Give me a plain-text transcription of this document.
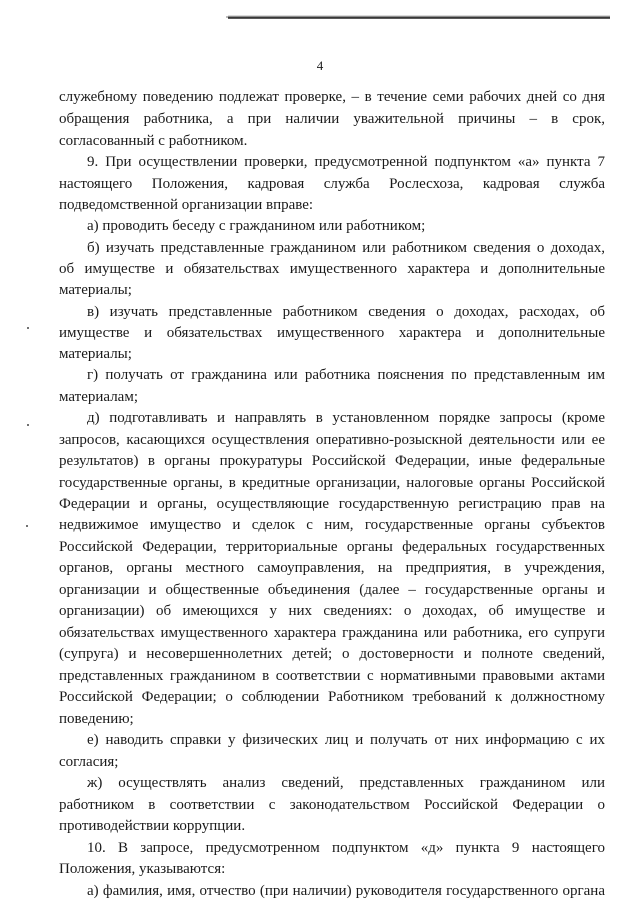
4
служебному поведению подлежат проверке, – в течение семи рабочих дней со дня
обращения работника, а при наличии уважительной причины – в срок,
согласованный с работником.
9. При осуществлении проверки, предусмотренной подпунктом «а» пункта 7
настоящего Положения, кадровая служба Рослесхоза, кадровая служба
подведомственной организации вправе:
а) проводить беседу с гражданином или работником;
б) изучать представленные гражданином или работником сведения о доходах,
об имуществе и обязательствах имущественного характера и дополнительные
материалы;
в) изучать представленные работником сведения о доходах, расходах, об
имуществе и обязательствах имущественного характера и дополнительные
материалы;
г) получать от гражданина или работника пояснения по представленным им
материалам;
д) подготавливать и направлять в установленном порядке запросы (кроме
запросов, касающихся осуществления оперативно-розыскной деятельности или ее
результатов) в органы прокуратуры Российской Федерации, иные федеральные
государственные органы, в кредитные организации, налоговые органы Российской
Федерации и органы, осуществляющие государственную регистрацию прав на
недвижимое имущество и сделок с ним, государственные органы субъектов
Российской Федерации, территориальные органы федеральных государственных
органов, органы местного самоуправления, на предприятия, в учреждения,
организации и общественные объединения (далее – государственные органы и
организации) об имеющихся у них сведениях: о доходах, об имуществе и
обязательствах имущественного характера гражданина или работника, его супруги
(супруга) и несовершеннолетних детей; о достоверности и полноте сведений,
представленных гражданином в соответствии с нормативными правовыми актами
Российской Федерации; о соблюдении Работником требований к должностному
поведению;
е) наводить справки у физических лиц и получать от них информацию с их
согласия;
ж) осуществлять анализ сведений, представленных гражданином или
работником в соответствии с законодательством Российской Федерации о
противодействии коррупции.
10. В запросе, предусмотренном подпунктом «д» пункта 9 настоящего
Положения, указываются:
а) фамилия, имя, отчество (при наличии) руководителя государственного органа
